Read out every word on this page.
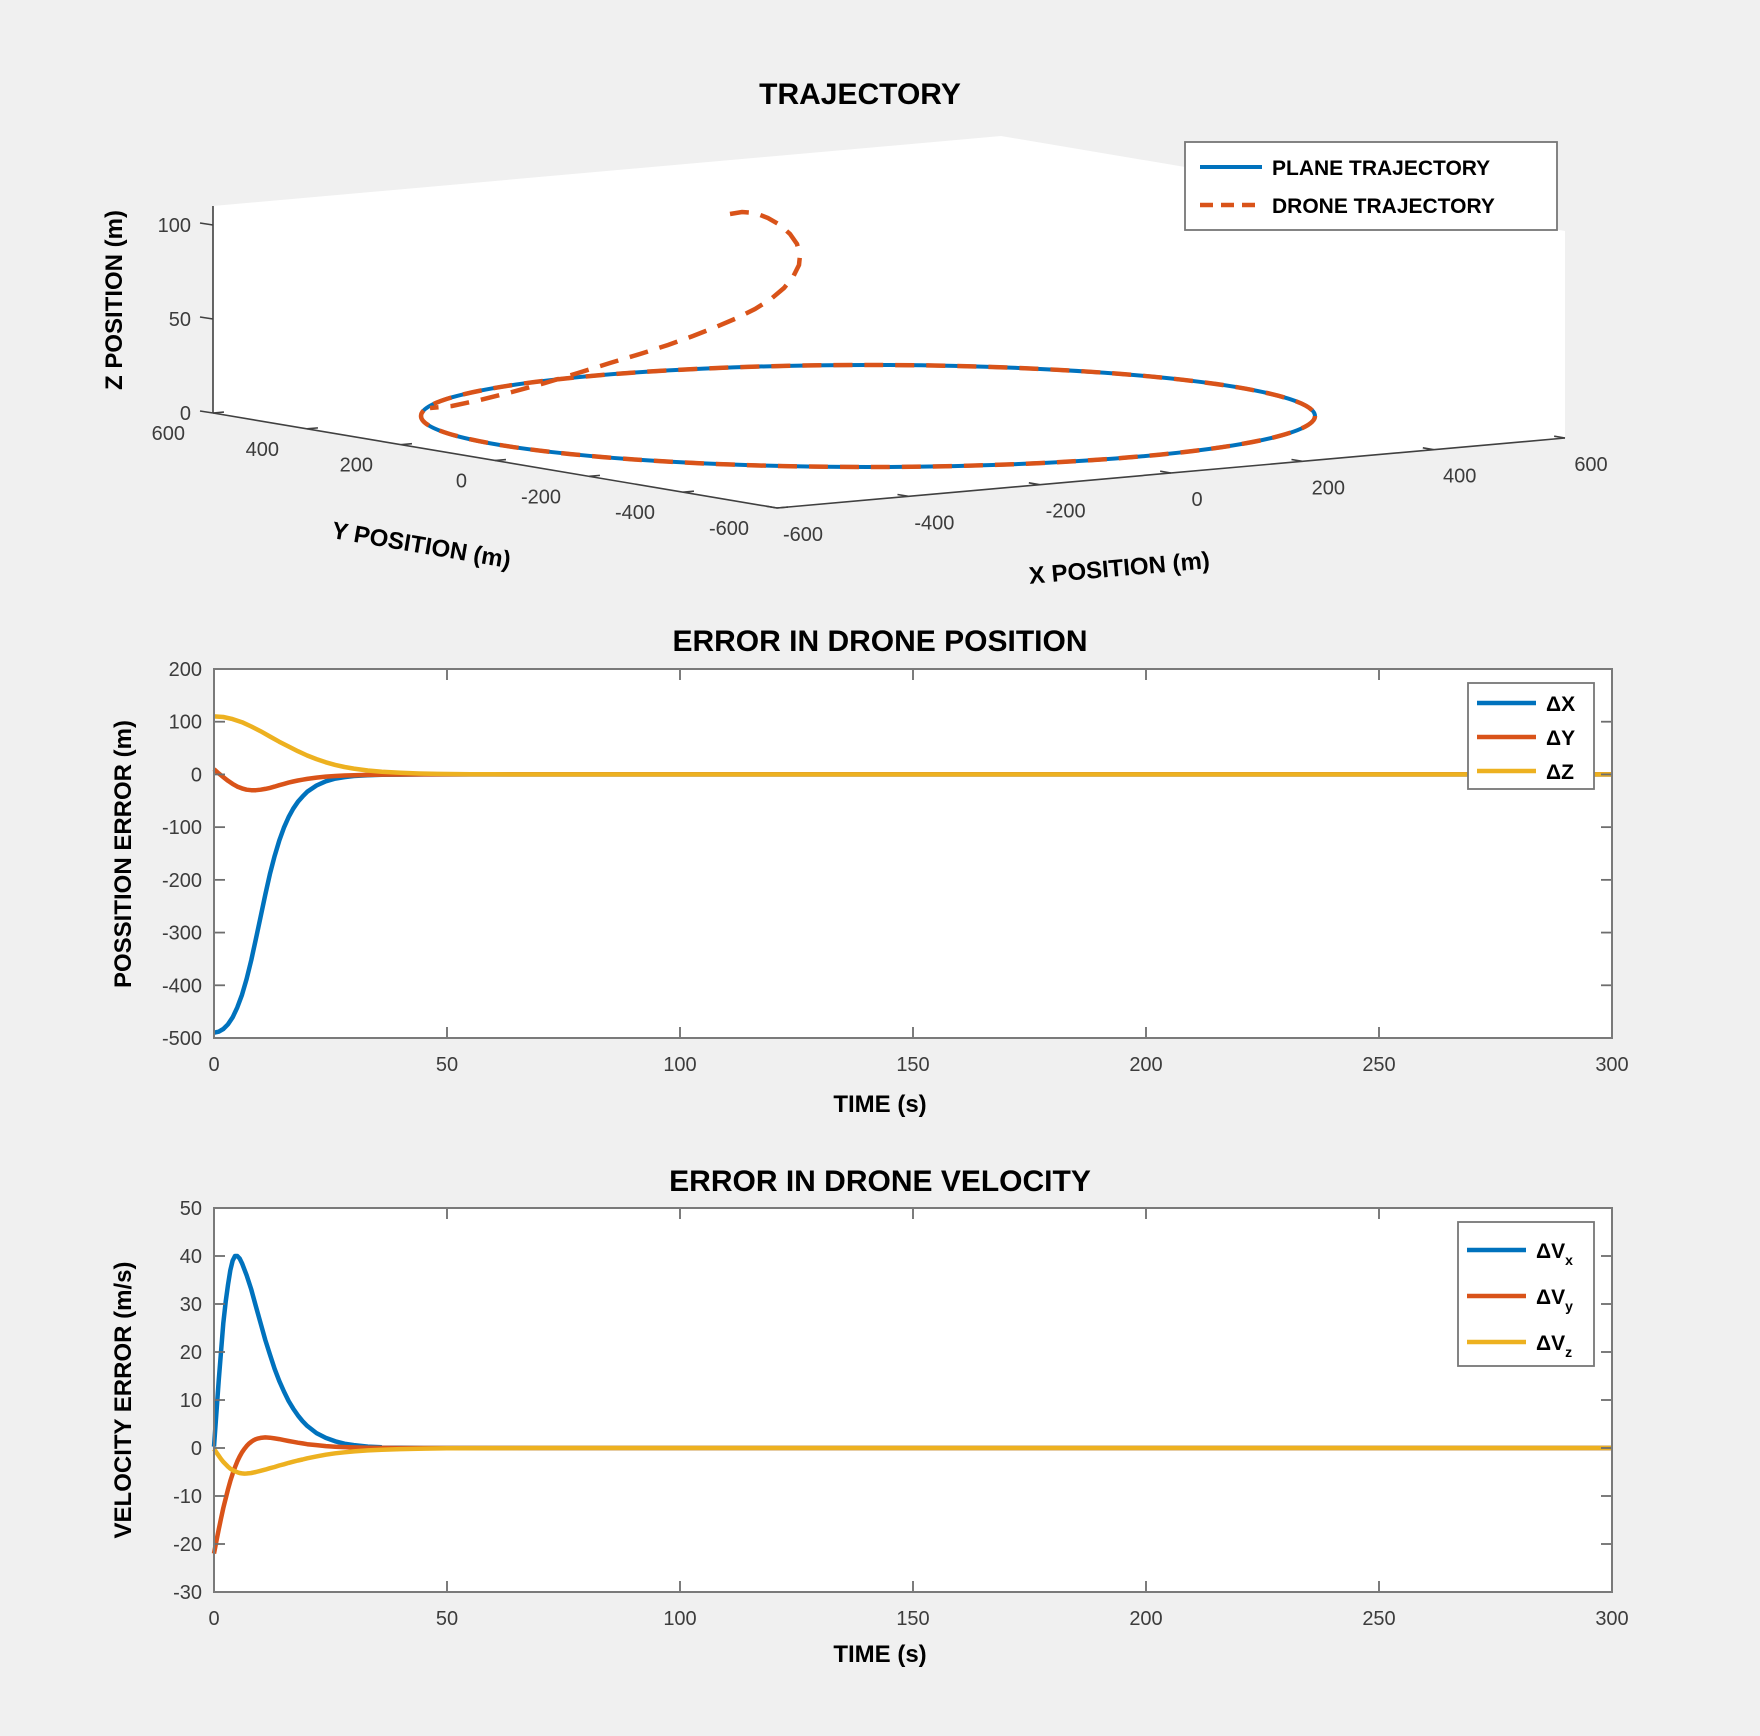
600
400
200
0
-200
-400
-600 -600
-400
-200
0
200
400
600
0
50
100
TRAJECTORY
X POSITION (m)
Y POSITION (m)
Z POSITION (m)
PLANE TRAJECTORY
DRONE TRAJECTORY
0	50	100	150	200	250	300
200
100
0
-100
-200
-300
-400
-500
ERROR IN DRONE POSITION
POSSITION ERROR (m)
TIME (s)
ΔX
ΔY
ΔZ
0	50	100	150	200	250	300
50
40
30
20
10
0
-10
-20
-30
ERROR IN DRONE VELOCITY
VELOCITY ERROR (m/s)
TIME (s)
$\Delta V_x$
$\Delta V_y$
$\Delta V_z$
